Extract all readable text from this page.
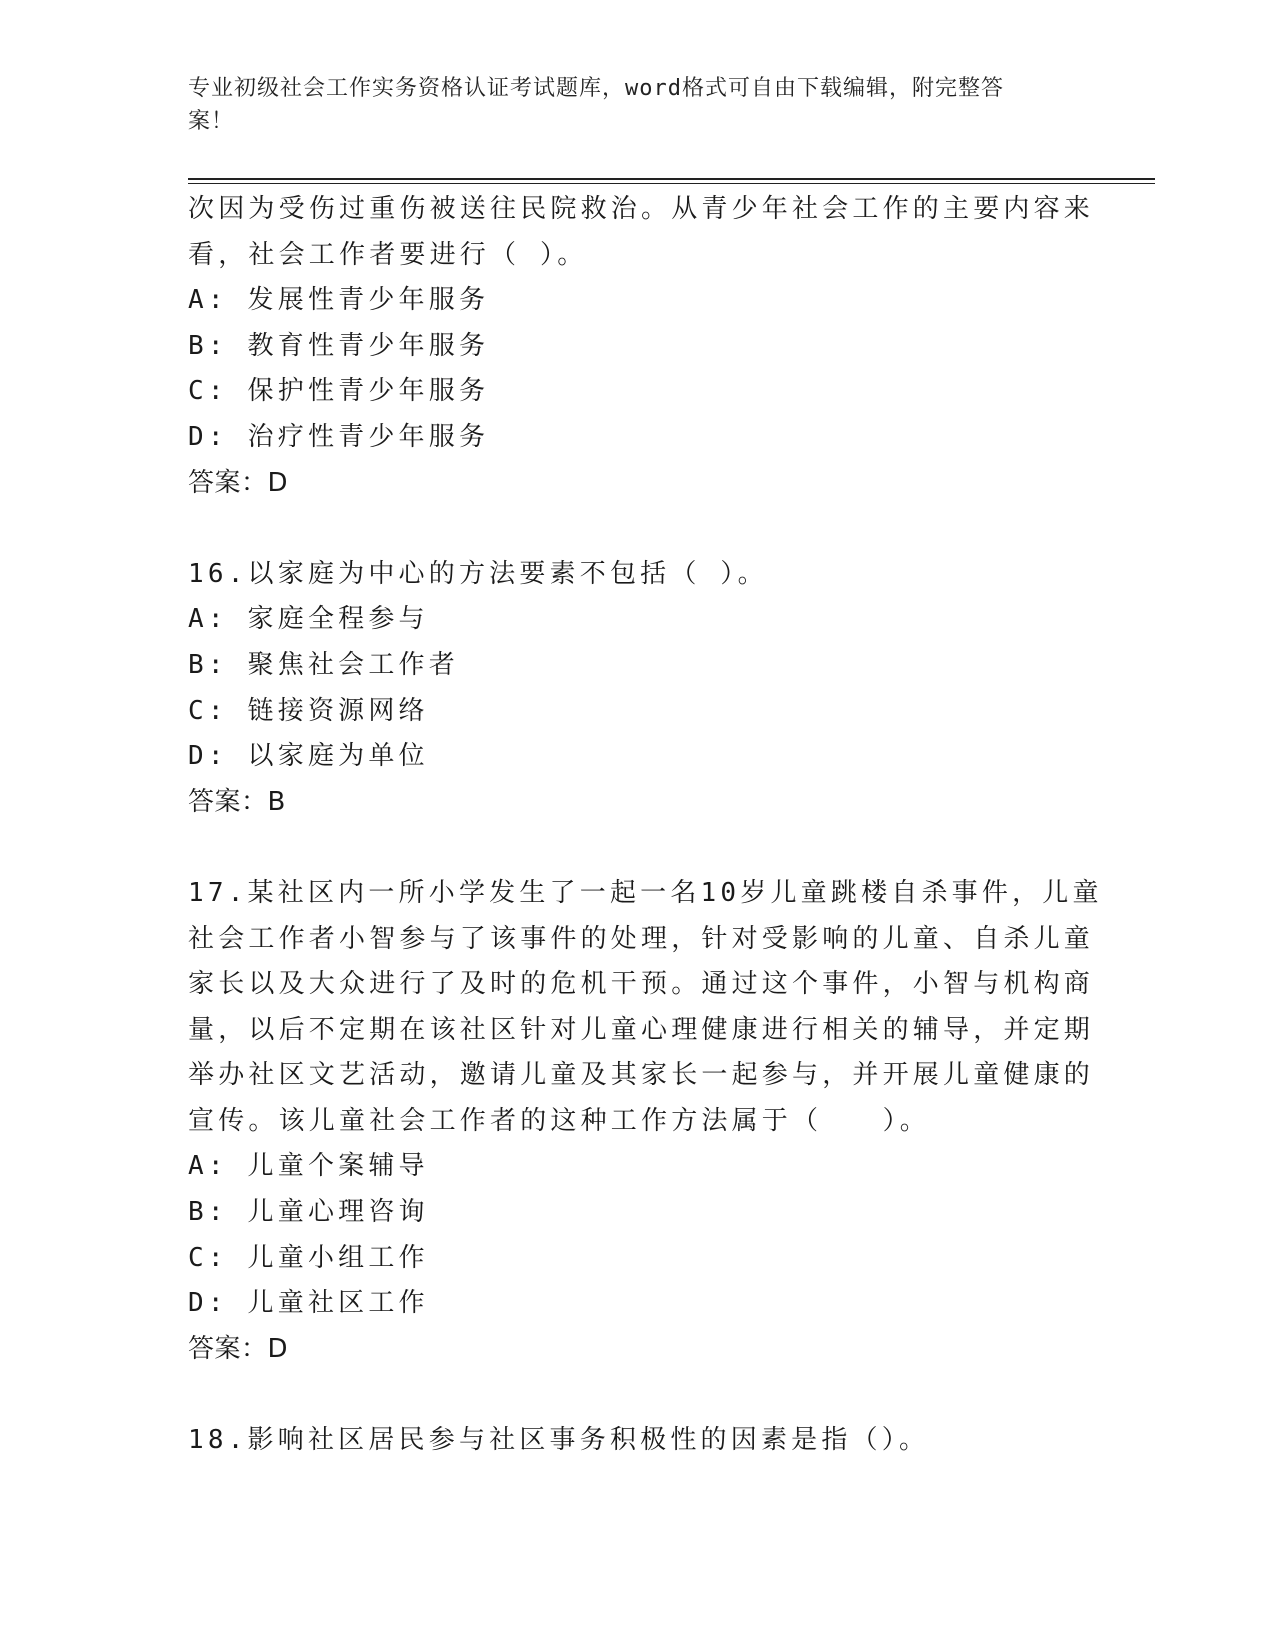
专业初级社会工作实务资格认证考试题库，word格式可自由下载编辑，附完整答
案！
次因为受伤过重伤被送往民院救治。从青少年社会工作的主要内容来
看，社会工作者要进行（ ）。
A: 发展性青少年服务
B: 教育性青少年服务
C: 保护性青少年服务
D: 治疗性青少年服务
答案：D
16.以家庭为中心的方法要素不包括（ ）。
A: 家庭全程参与
B: 聚焦社会工作者
C: 链接资源网络
D: 以家庭为单位
答案：B
17.某社区内一所小学发生了一起一名10岁儿童跳楼自杀事件，儿童
社会工作者小智参与了该事件的处理，针对受影响的儿童、自杀儿童
家长以及大众进行了及时的危机干预。通过这个事件，小智与机构商
量，以后不定期在该社区针对儿童心理健康进行相关的辅导，并定期
举办社区文艺活动，邀请儿童及其家长一起参与，并开展儿童健康的
宣传。该儿童社会工作者的这种工作方法属于（　　）。
A: 儿童个案辅导
B: 儿童心理咨询
C: 儿童小组工作
D: 儿童社区工作
答案：D
18.影响社区居民参与社区事务积极性的因素是指（）。
